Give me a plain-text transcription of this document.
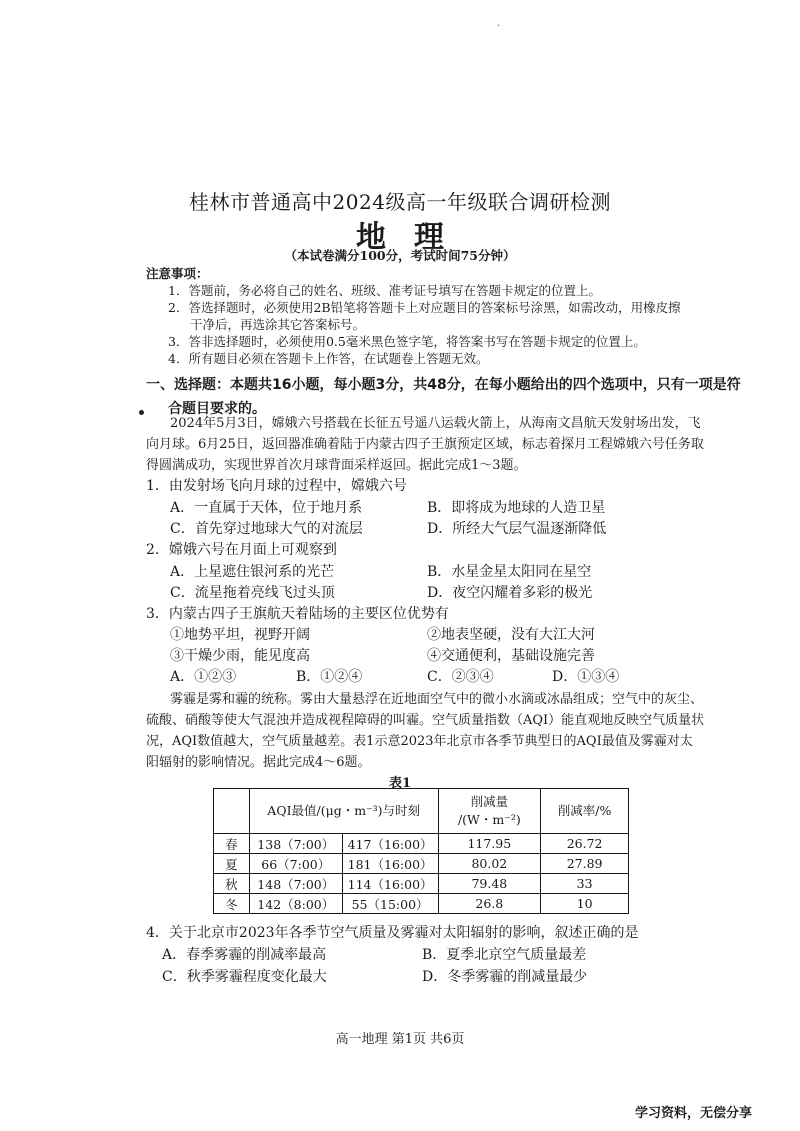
·
桂林市普通高中2024级高一年级联合调研检测
地理
（本试卷满分100分，考试时间75分钟）
注意事项：
1．答题前，务必将自己的姓名、班级、准考证号填写在答题卡规定的位置上。
2．答选择题时，必须使用2B铅笔将答题卡上对应题目的答案标号涂黑，如需改动，用橡皮擦
干净后，再选涂其它答案标号。
3．答非选择题时，必须使用0.5毫米黑色签字笔，将答案书写在答题卡规定的位置上。
4．所有题目必须在答题卡上作答，在试题卷上答题无效。
一、选择题：本题共16小题，每小题3分，共48分，在每小题给出的四个选项中，只有一项是符
合题目要求的。
2024年5月3日，嫦娥六号搭载在长征五号遥八运载火箭上，从海南文昌航天发射场出发，飞
向月球。6月25日，返回器准确着陆于内蒙古四子王旗预定区域，标志着探月工程嫦娥六号任务取
得圆满成功，实现世界首次月球背面采样返回。据此完成1～3题。
1．由发射场飞向月球的过程中，嫦娥六号
A．一直属于天体，位于地月系	B．即将成为地球的人造卫星
C．首先穿过地球大气的对流层	D．所经大气层气温逐渐降低
2．嫦娥六号在月面上可观察到
A．上星遮住银河系的光芒	B．水星金星太阳同在星空
C．流星拖着亮线飞过头顶	D．夜空闪耀着多彩的极光
3．内蒙古四子王旗航天着陆场的主要区位优势有
①地势平坦，视野开阔	②地表坚硬，没有大江大河
③干燥少雨，能见度高	④交通便利，基础设施完善
A．①②③	B．①②④	C．②③④	D．①③④
雾霾是雾和霾的统称。雾由大量悬浮在近地面空气中的微小水滴或冰晶组成；空气中的灰尘、
硫酸、硝酸等使大气混浊并造成视程障碍的叫霾。空气质量指数（AQI）能直观地反映空气质量状
况，AQI数值越大，空气质量越差。表1示意2023年北京市各季节典型日的AQI最值及雾霾对太
阳辐射的影响情况。据此完成4～6题。
表1
	AQI最值/(μg・m⁻³)与时刻		削减量
/(W・m⁻²)	削减率/%
春	138（7:00）	417（16:00）	117.95	26.72
夏	66（7:00）	181（16:00）	80.02	27.89
秋	148（7:00）	114（16:00）	79.48	33
冬	142（8:00）	55（15:00）	26.8	10
4．关于北京市2023年各季节空气质量及雾霾对太阳辐射的影响，叙述正确的是
A．春季雾霾的削减率最高	B．夏季北京空气质量最差
C．秋季雾霾程度变化最大	D．冬季雾霾的削减量最少
高一地理 第1页 共6页
学习资料，无偿分享
